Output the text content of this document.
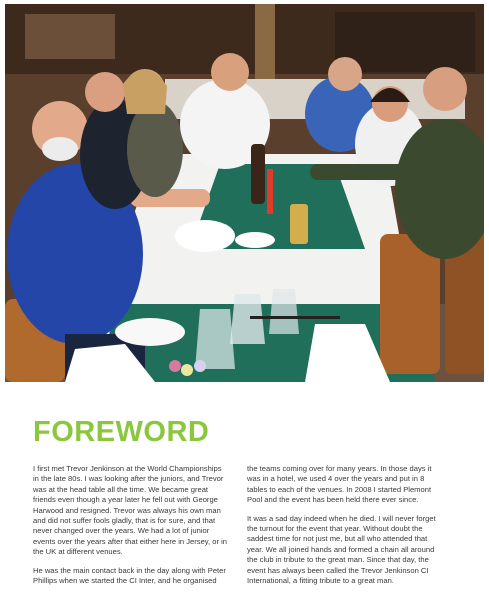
FOREWORD

I first met Trevor Jenkinson at the World Championships in the late 80s. I was looking after the juniors, and Trevor was at the head table all the time. We became great friends even though a year later he fell out with George Harwood and resigned. Trevor was always his own man and did not suffer fools gladly, that is for sure, and that never changed over the years. We had a lot of junior events over the years after that either here in Jersey, or in the UK at different venues.

He was the main contact back in the day along with Peter Phillips when we started the CI Inter, and he organised

the teams coming over for many years. In those days it was in a hotel, we used 4 over the years and put in 8 tables to each of the venues. In 2008 I started Plemont Pool and the event has been held there ever since.

It was a sad day indeed when he died. I will never forget the turnout for the event that year. Without doubt the saddest time for not just me, but all who attended that year. We all joined hands and formed a chain all around the club in tribute to the great man. Since that day, the event has always been called the Trevor Jenkinson CI International, a fitting tribute to a great man.
